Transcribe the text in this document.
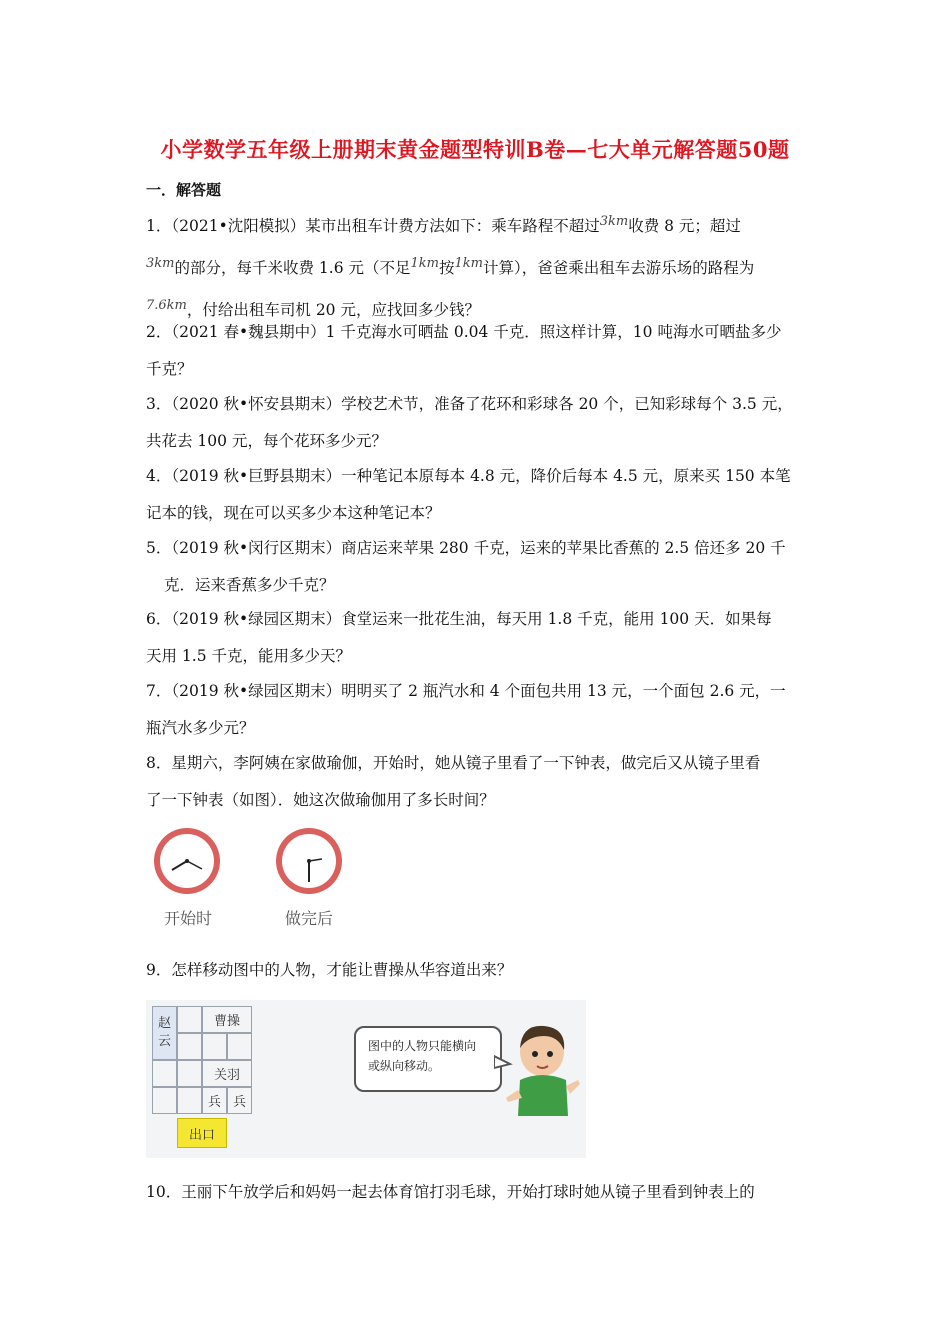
小学数学五年级上册期末黄金题型特训B卷—七大单元解答题50题
一．解答题
1．（2021•沈阳模拟）某市出租车计费方法如下：乘车路程不超过$^{3km}$收费 8 元；超过
$^{3km}$的部分，每千米收费 1.6 元（不足$^{1km}$按$^{1km}$计算），爸爸乘出租车去游乐场的路程为
$^{7.6km}$，付给出租车司机 20 元，应找回多少钱？
2．（2021 春•魏县期中）1 千克海水可晒盐 0.04 千克．照这样计算，10 吨海水可晒盐多少
千克？
3．（2020 秋•怀安县期末）学校艺术节，准备了花环和彩球各 20 个，已知彩球每个 3.5 元，
共花去 100 元，每个花环多少元？
4．（2019 秋•巨野县期末）一种笔记本原每本 4.8 元，降价后每本 4.5 元，原来买 150 本笔
记本的钱，现在可以买多少本这种笔记本？
5．（2019 秋•闵行区期末）商店运来苹果 280 千克，运来的苹果比香蕉的 2.5 倍还多 20 千
克．运来香蕉多少千克？
6．（2019 秋•绿园区期末）食堂运来一批花生油，每天用 1.8 千克，能用 100 天．如果每
天用 1.5 千克，能用多少天？
7．（2019 秋•绿园区期末）明明买了 2 瓶汽水和 4 个面包共用 13 元，一个面包 2.6 元，一
瓶汽水多少元？
8．星期六，李阿姨在家做瑜伽，开始时，她从镜子里看了一下钟表，做完后又从镜子里看
了一下钟表（如图）．她这次做瑜伽用了多长时间？
开始时	做完后
9．怎样移动图中的人物，才能让曹操从华容道出来？
赵
云
曹操
关羽
兵 兵
出口
图中的人物只能横向
或纵向移动。
10．王丽下午放学后和妈妈一起去体育馆打羽毛球，开始打球时她从镜子里看到钟表上的
